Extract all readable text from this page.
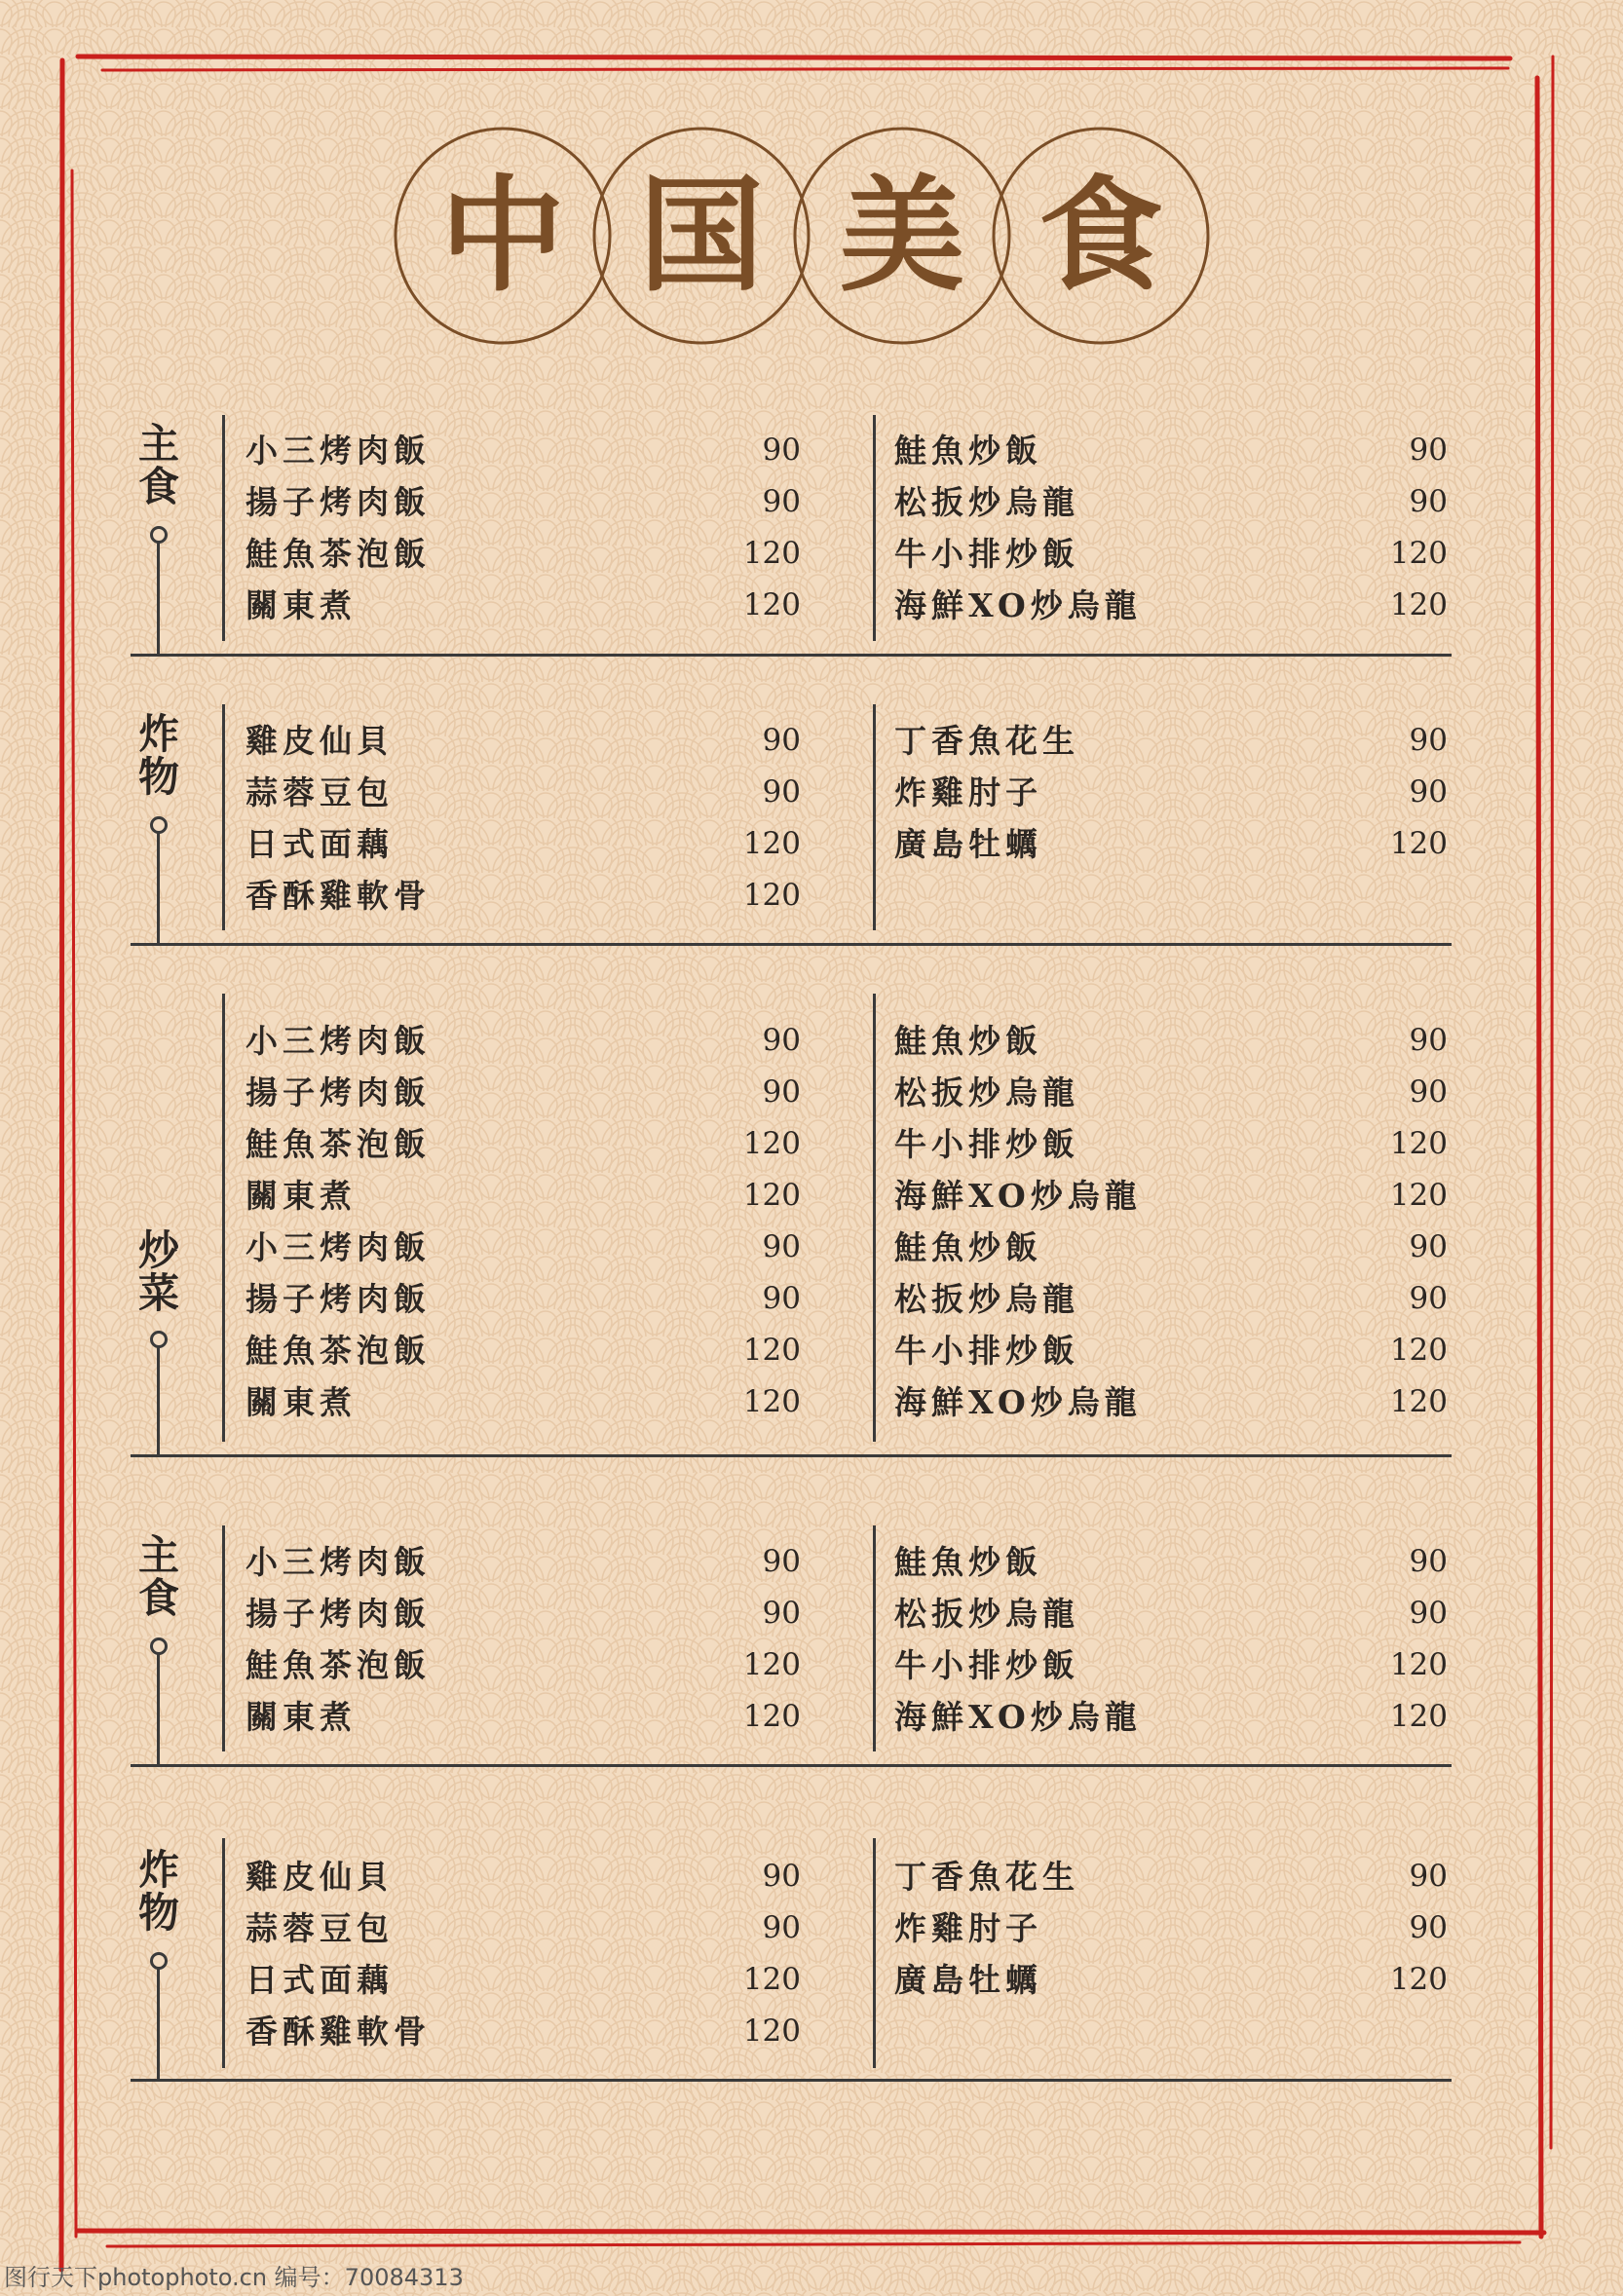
中 国 美 食
主
食
小三烤肉飯	90
揚子烤肉飯	90
鮭魚茶泡飯	120
關東煮	120
鮭魚炒飯	90
松扳炒烏龍	90
牛小排炒飯	120
海鮮XO炒烏龍	120
炸
物
雞皮仙貝	90
蒜蓉豆包	90
日式面藕	120
香酥雞軟骨	120
丁香魚花生	90
炸雞肘子	90
廣島牡蠣	120
炒
菜
小三烤肉飯	90
揚子烤肉飯	90
鮭魚茶泡飯	120
關東煮	120
小三烤肉飯	90
揚子烤肉飯	90
鮭魚茶泡飯	120
關東煮	120
鮭魚炒飯	90
松扳炒烏龍	90
牛小排炒飯	120
海鮮XO炒烏龍	120
鮭魚炒飯	90
松扳炒烏龍	90
牛小排炒飯	120
海鮮XO炒烏龍	120
主
食
小三烤肉飯	90
揚子烤肉飯	90
鮭魚茶泡飯	120
關東煮	120
鮭魚炒飯	90
松扳炒烏龍	90
牛小排炒飯	120
海鮮XO炒烏龍	120
炸
物
雞皮仙貝	90
蒜蓉豆包	90
日式面藕	120
香酥雞軟骨	120
丁香魚花生	90
炸雞肘子	90
廣島牡蠣	120
图行天下photophoto.cn 编号：70084313
